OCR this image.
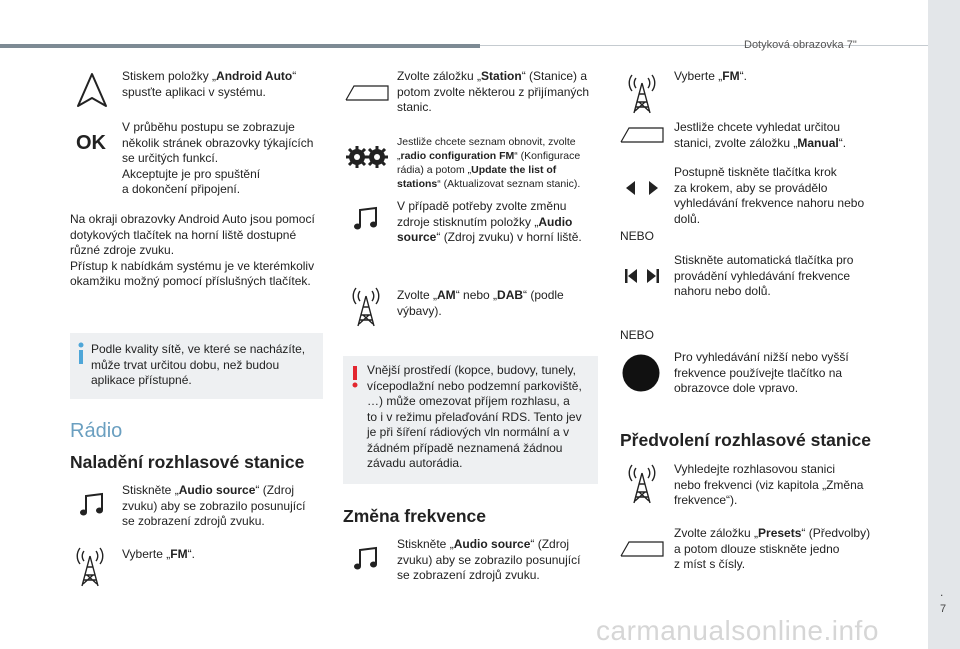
Dotyková obrazovka 7"
.
7
Stiskem položky „Android Auto“ spusťte aplikaci v systému.
OK
V průběhu postupu se zobrazuje
několik stránek obrazovky týkajících
se určitých funkcí.
Akceptujte je pro spuštění
a dokončení připojení.
Na okraji obrazovky Android Auto jsou pomocí
dotykových tlačítek na horní liště dostupné
různé zdroje zvuku.
Přístup k nabídkám systému je ve kterémkoliv
okamžiku možný pomocí příslušných tlačítek.
Podle kvality sítě, ve které se nacházíte,
může trvat určitou dobu, než budou
aplikace přístupné.
Rádio
Naladění rozhlasové stanice
Stiskněte „Audio source“ (Zdroj
zvuku) aby se zobrazilo posunující
se zobrazení zdrojů zvuku.
Vyberte „FM“.
Zvolte záložku „Station“ (Stanice) a
potom zvolte některou z přijímaných
stanic.
Jestliže chcete seznam obnovit, zvolte
„radio configuration FM“ (Konfigurace
rádia) a potom „Update the list of
stations“ (Aktualizovat seznam stanic).
V případě potřeby zvolte změnu
zdroje stisknutím položky „Audio
source“ (Zdroj zvuku) v horní liště.
Zvolte „AM“ nebo „DAB“ (podle
výbavy).
Vnější prostředí (kopce, budovy, tunely,
vícepodlažní nebo podzemní parkoviště,
…) může omezovat příjem rozhlasu, a
to i v režimu přelaďování RDS. Tento jev
je při šíření rádiových vln normální a v
žádném případě neznamená žádnou
závadu autorádia.
Změna frekvence
Stiskněte „Audio source“ (Zdroj
zvuku) aby se zobrazilo posunující
se zobrazení zdrojů zvuku.
Vyberte „FM“.
Jestliže chcete vyhledat určitou
stanici, zvolte záložku „Manual“.
Postupně tiskněte tlačítka krok
za krokem, aby se provádělo
vyhledávání frekvence nahoru nebo
dolů.
NEBO
Stiskněte automatická tlačítka pro
provádění vyhledávání frekvence
nahoru nebo dolů.
NEBO
Pro vyhledávání nižší nebo vyšší
frekvence používejte tlačítko na
obrazovce dole vpravo.
Předvolení rozhlasové stanice
Vyhledejte rozhlasovou stanici
nebo frekvenci (viz kapitola „Změna
frekvence“).
Zvolte záložku „Presets“ (Předvolby)
a potom dlouze stiskněte jedno
z míst s čísly.
carmanualsonline.info
